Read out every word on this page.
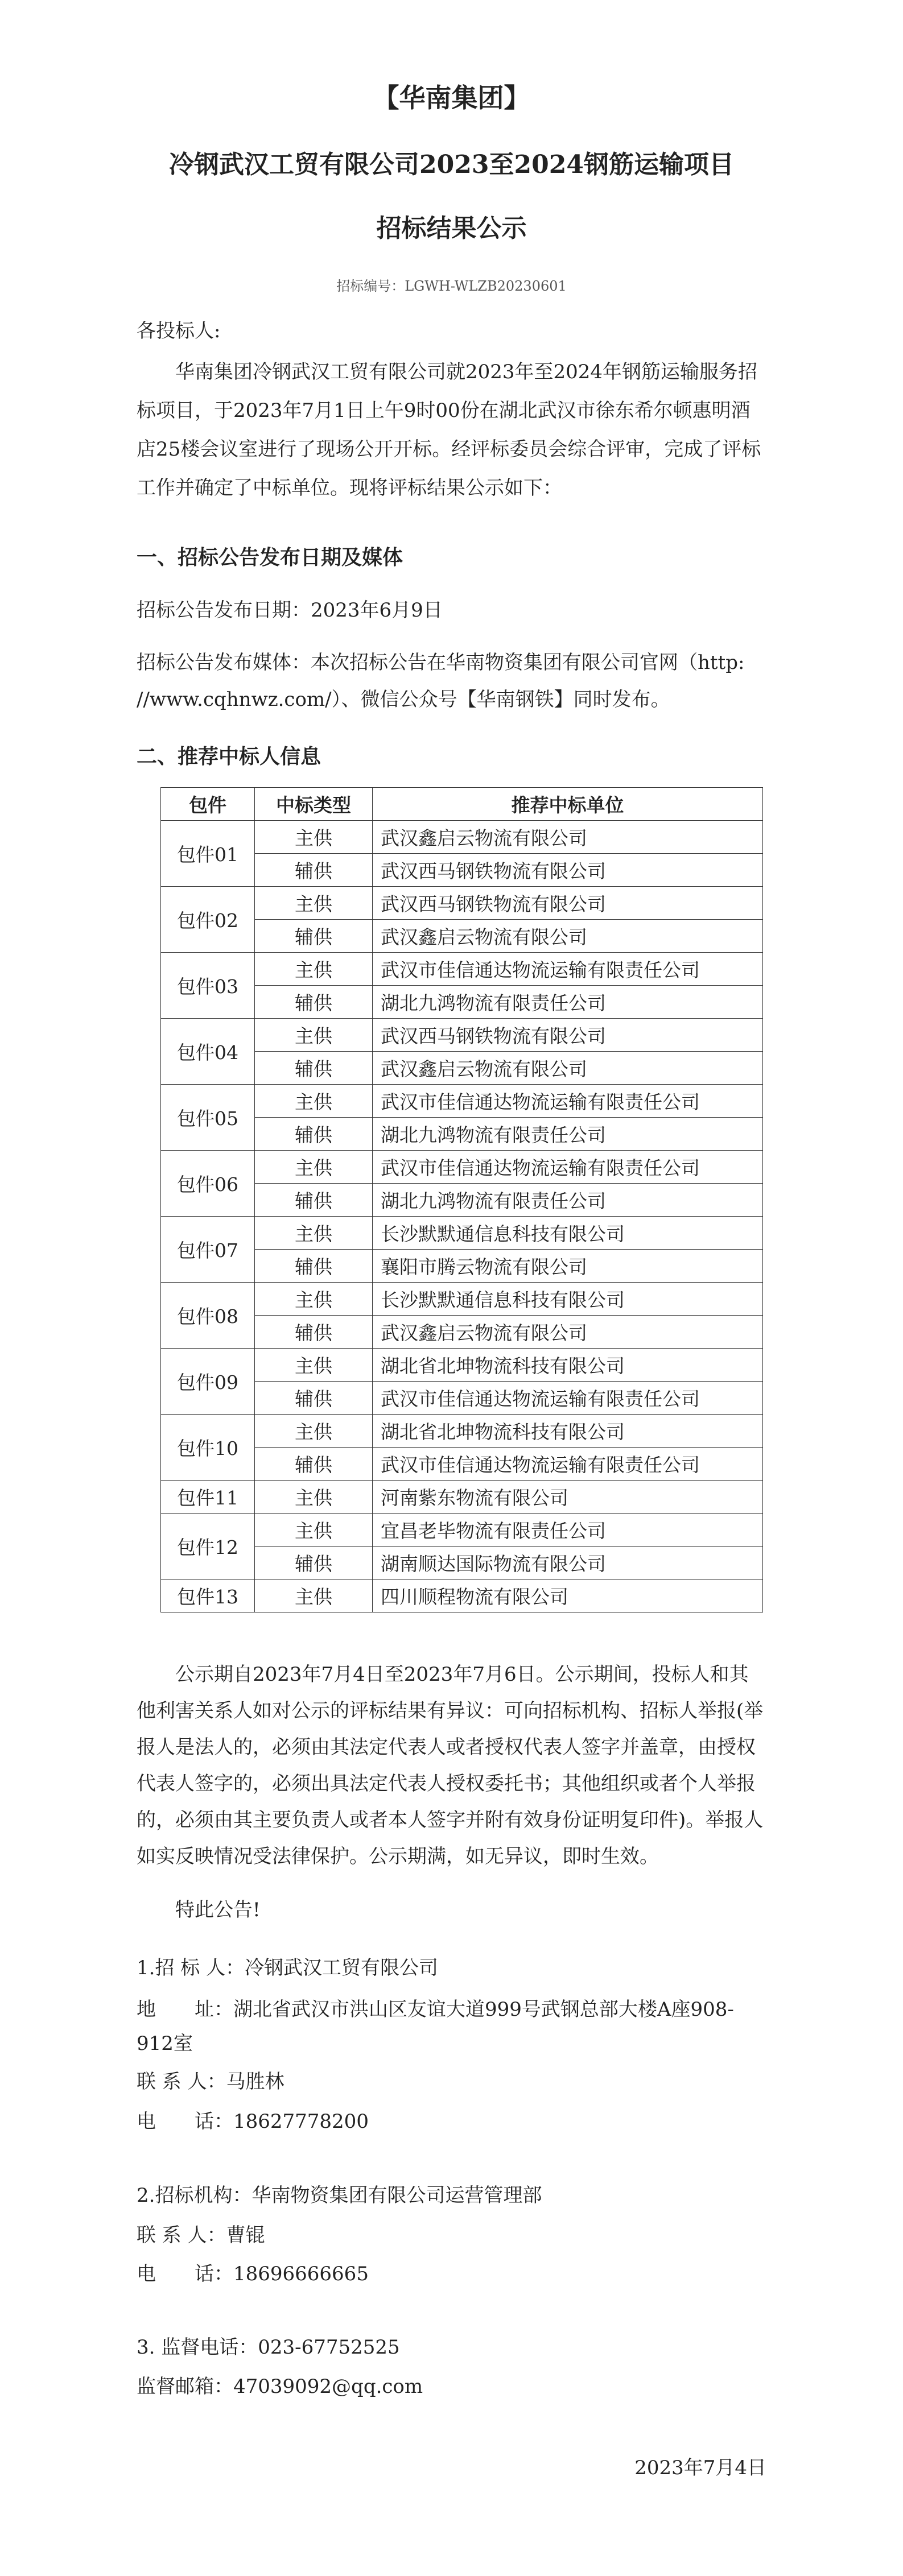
【华南集团】
冷钢武汉工贸有限公司2023至2024钢筋运输项目
招标结果公示
招标编号：LGWH-WLZB20230601
各投标人:

华南集团冷钢武汉工贸有限公司就2023年至2024年钢筋运输服务招标项目，于2023年7月1日上午9时00份在湖北武汉市徐东希尔顿惠明酒店25楼会议室进行了现场公开开标。经评标委员会综合评审，完成了评标工作并确定了中标单位。现将评标结果公示如下：

一、招标公告发布日期及媒体
招标公告发布日期：2023年6月9日
招标公告发布媒体：本次招标公告在华南物资集团有限公司官网（http:
//www.cqhnwz.com/）、微信公众号【华南钢铁】同时发布。
二、推荐中标人信息
包件	中标类型	推荐中标单位
包件01	主供	武汉鑫启云物流有限公司
	辅供	武汉西马钢铁物流有限公司
包件02	主供	武汉西马钢铁物流有限公司
	辅供	武汉鑫启云物流有限公司
包件03	主供	武汉市佳信通达物流运输有限责任公司
	辅供	湖北九鸿物流有限责任公司
包件04	主供	武汉西马钢铁物流有限公司
	辅供	武汉鑫启云物流有限公司
包件05	主供	武汉市佳信通达物流运输有限责任公司
	辅供	湖北九鸿物流有限责任公司
包件06	主供	武汉市佳信通达物流运输有限责任公司
	辅供	湖北九鸿物流有限责任公司
包件07	主供	长沙默默通信息科技有限公司
	辅供	襄阳市腾云物流有限公司
包件08	主供	长沙默默通信息科技有限公司
	辅供	武汉鑫启云物流有限公司
包件09	主供	湖北省北坤物流科技有限公司
	辅供	武汉市佳信通达物流运输有限责任公司
包件10	主供	湖北省北坤物流科技有限公司
	辅供	武汉市佳信通达物流运输有限责任公司
包件11	主供	河南紫东物流有限公司
包件12	主供	宜昌老毕物流有限责任公司
	辅供	湖南顺达国际物流有限公司
包件13	主供	四川顺程物流有限公司

公示期自2023年7月4日至2023年7月6日。公示期间，投标人和其他利害关系人如对公示的评标结果有异议：可向招标机构、招标人举报(举报人是法人的，必须由其法定代表人或者授权代表人签字并盖章，由授权代表人签字的，必须出具法定代表人授权委托书；其他组织或者个人举报的，必须由其主要负责人或者本人签字并附有效身份证明复印件)。举报人如实反映情况受法律保护。公示期满，如无异议，即时生效。

特此公告!
1.招 标 人：冷钢武汉工贸有限公司
地　　址：湖北省武汉市洪山区友谊大道999号武钢总部大楼A座908-912室
联 系 人：马胜林
电　　话：18627778200
2.招标机构：华南物资集团有限公司运营管理部
联 系 人：曹锟
电　　话：18696666665
3. 监督电话：023-67752525
监督邮箱：47039092@qq.com
2023年7月4日
